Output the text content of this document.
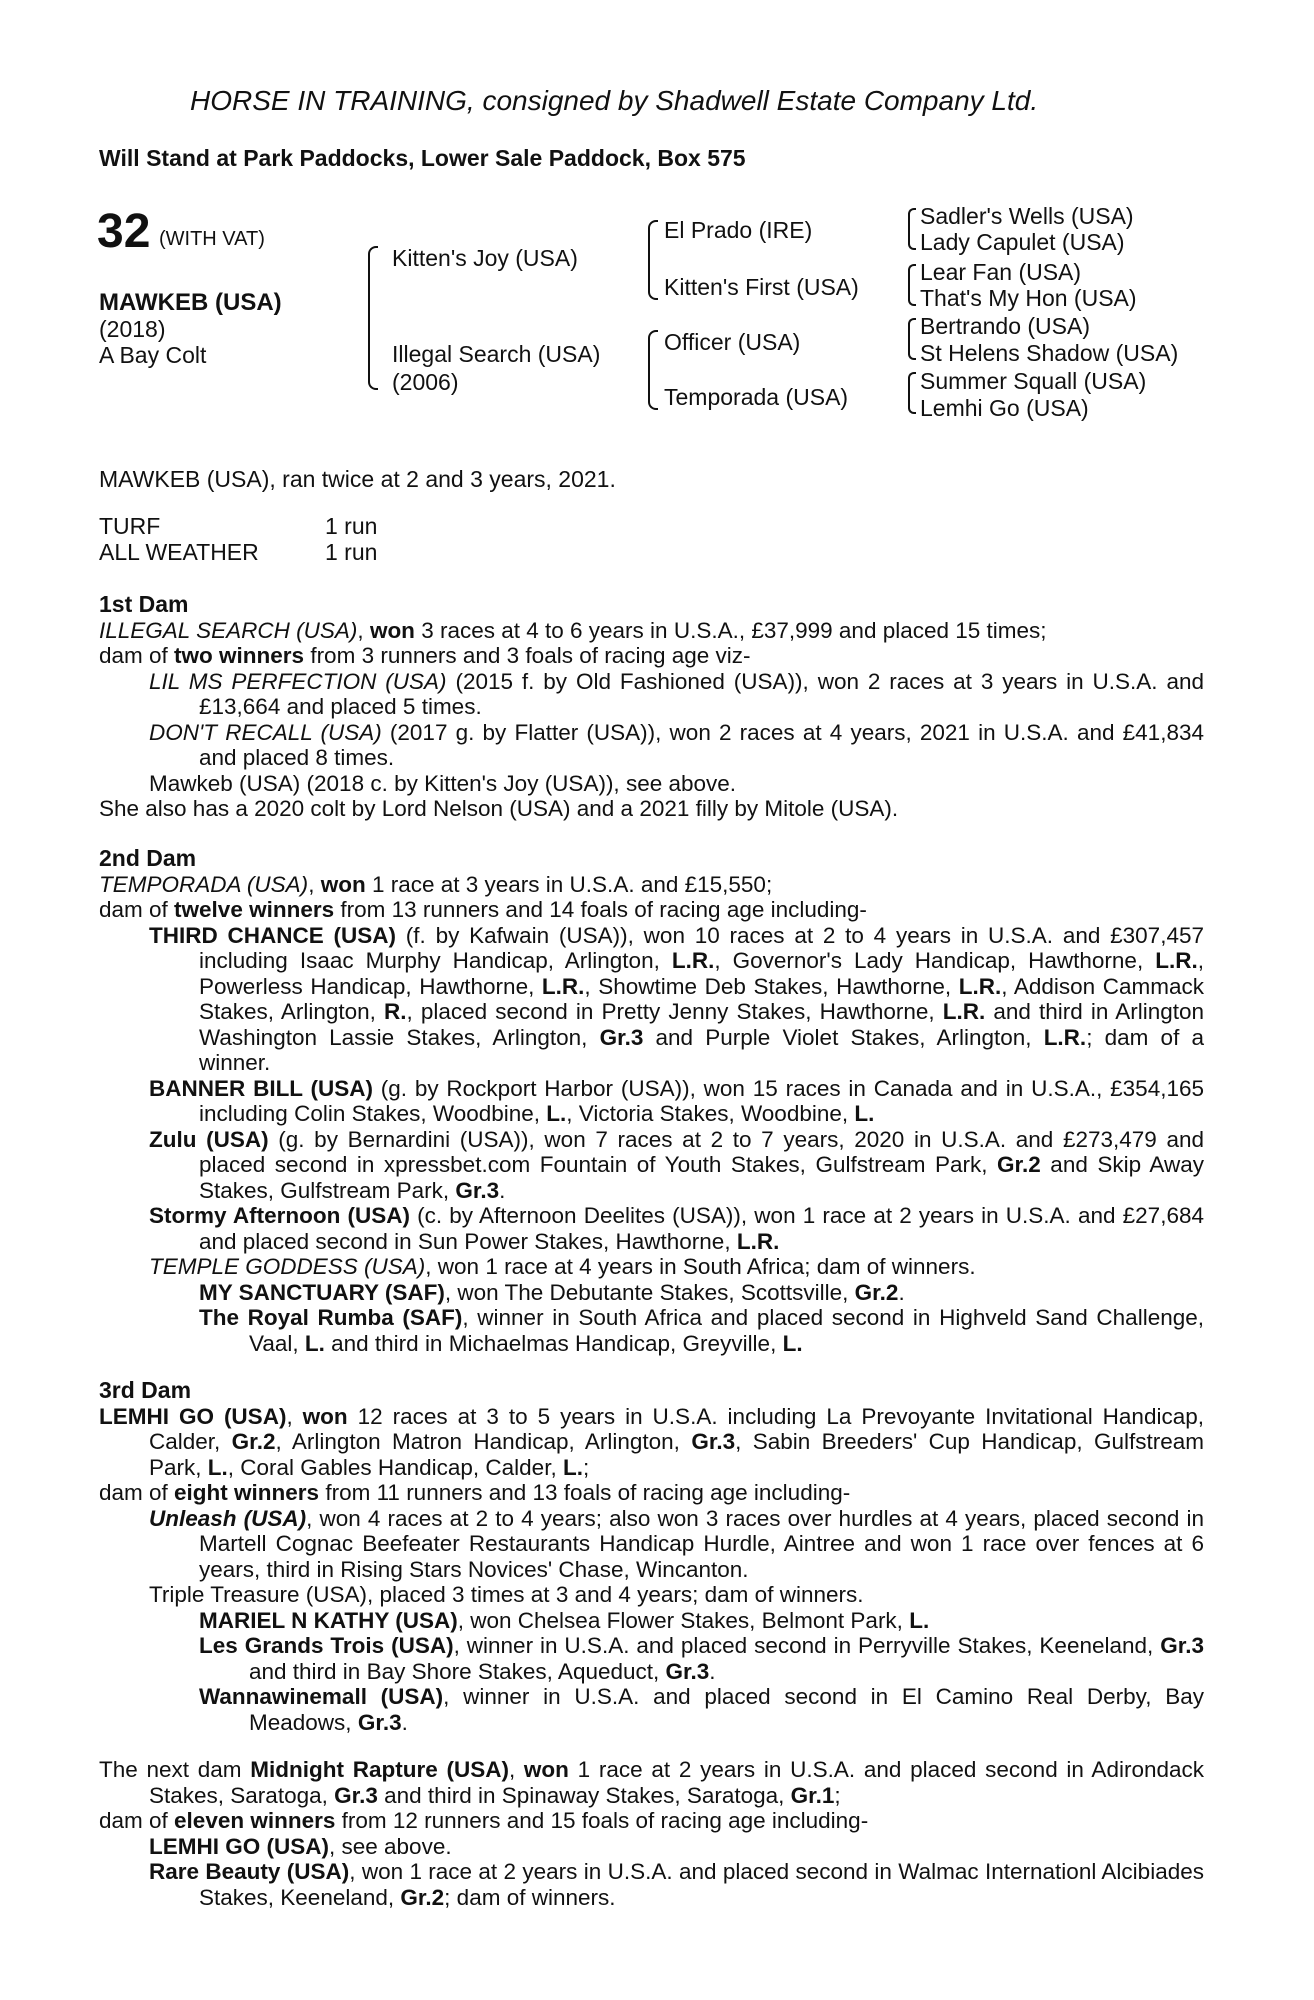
HORSE IN TRAINING, consigned by Shadwell Estate Company Ltd.
Will Stand at Park Paddocks, Lower Sale Paddock, Box 575
32 (WITH VAT)
MAWKEB (USA)
(2018)
A Bay Colt
Kitten's Joy (USA)
Illegal Search (USA)
(2006)
El Prado (IRE)
Kitten's First (USA)
Officer (USA)
Temporada (USA)
Sadler's Wells (USA)
Lady Capulet (USA)
Lear Fan (USA)
That's My Hon (USA)
Bertrando (USA)
St Helens Shadow (USA)
Summer Squall (USA)
Lemhi Go (USA)
MAWKEB (USA), ran twice at 2 and 3 years, 2021.
TURF	1 run
ALL WEATHER	1 run
1st Dam
ILLEGAL SEARCH (USA), won 3 races at 4 to 6 years in U.S.A., £37,999 and placed 15 times;
dam of two winners from 3 runners and 3 foals of racing age viz-
LIL MS PERFECTION (USA) (2015 f. by Old Fashioned (USA)), won 2 races at 3 years in U.S.A. and £13,664 and placed 5 times.
DON'T RECALL (USA) (2017 g. by Flatter (USA)), won 2 races at 4 years, 2021 in U.S.A. and £41,834 and placed 8 times.
Mawkeb (USA) (2018 c. by Kitten's Joy (USA)), see above.
She also has a 2020 colt by Lord Nelson (USA) and a 2021 filly by Mitole (USA).
2nd Dam
TEMPORADA (USA), won 1 race at 3 years in U.S.A. and £15,550;
dam of twelve winners from 13 runners and 14 foals of racing age including-
THIRD CHANCE (USA) (f. by Kafwain (USA)), won 10 races at 2 to 4 years in U.S.A. and £307,457 including Isaac Murphy Handicap, Arlington, L.R., Governor's Lady Handicap, Hawthorne, L.R., Powerless Handicap, Hawthorne, L.R., Showtime Deb Stakes, Hawthorne, L.R., Addison Cammack Stakes, Arlington, R., placed second in Pretty Jenny Stakes, Hawthorne, L.R. and third in Arlington Washington Lassie Stakes, Arlington, Gr.3 and Purple Violet Stakes, Arlington, L.R.; dam of a winner.
BANNER BILL (USA) (g. by Rockport Harbor (USA)), won 15 races in Canada and in U.S.A., £354,165 including Colin Stakes, Woodbine, L., Victoria Stakes, Woodbine, L.
Zulu (USA) (g. by Bernardini (USA)), won 7 races at 2 to 7 years, 2020 in U.S.A. and £273,479 and placed second in xpressbet.com Fountain of Youth Stakes, Gulfstream Park, Gr.2 and Skip Away Stakes, Gulfstream Park, Gr.3.
Stormy Afternoon (USA) (c. by Afternoon Deelites (USA)), won 1 race at 2 years in U.S.A. and £27,684 and placed second in Sun Power Stakes, Hawthorne, L.R.
TEMPLE GODDESS (USA), won 1 race at 4 years in South Africa; dam of winners.
MY SANCTUARY (SAF), won The Debutante Stakes, Scottsville, Gr.2.
The Royal Rumba (SAF), winner in South Africa and placed second in Highveld Sand Challenge, Vaal, L. and third in Michaelmas Handicap, Greyville, L.
3rd Dam
LEMHI GO (USA), won 12 races at 3 to 5 years in U.S.A. including La Prevoyante Invitational Handicap, Calder, Gr.2, Arlington Matron Handicap, Arlington, Gr.3, Sabin Breeders' Cup Handicap, Gulfstream Park, L., Coral Gables Handicap, Calder, L.;
dam of eight winners from 11 runners and 13 foals of racing age including-
Unleash (USA), won 4 races at 2 to 4 years; also won 3 races over hurdles at 4 years, placed second in Martell Cognac Beefeater Restaurants Handicap Hurdle, Aintree and won 1 race over fences at 6 years, third in Rising Stars Novices' Chase, Wincanton.
Triple Treasure (USA), placed 3 times at 3 and 4 years; dam of winners.
MARIEL N KATHY (USA), won Chelsea Flower Stakes, Belmont Park, L.
Les Grands Trois (USA), winner in U.S.A. and placed second in Perryville Stakes, Keeneland, Gr.3 and third in Bay Shore Stakes, Aqueduct, Gr.3.
Wannawinemall (USA), winner in U.S.A. and placed second in El Camino Real Derby, Bay Meadows, Gr.3.
The next dam Midnight Rapture (USA), won 1 race at 2 years in U.S.A. and placed second in Adirondack Stakes, Saratoga, Gr.3 and third in Spinaway Stakes, Saratoga, Gr.1;
dam of eleven winners from 12 runners and 15 foals of racing age including-
LEMHI GO (USA), see above.
Rare Beauty (USA), won 1 race at 2 years in U.S.A. and placed second in Walmac Internationl Alcibiades Stakes, Keeneland, Gr.2; dam of winners.
